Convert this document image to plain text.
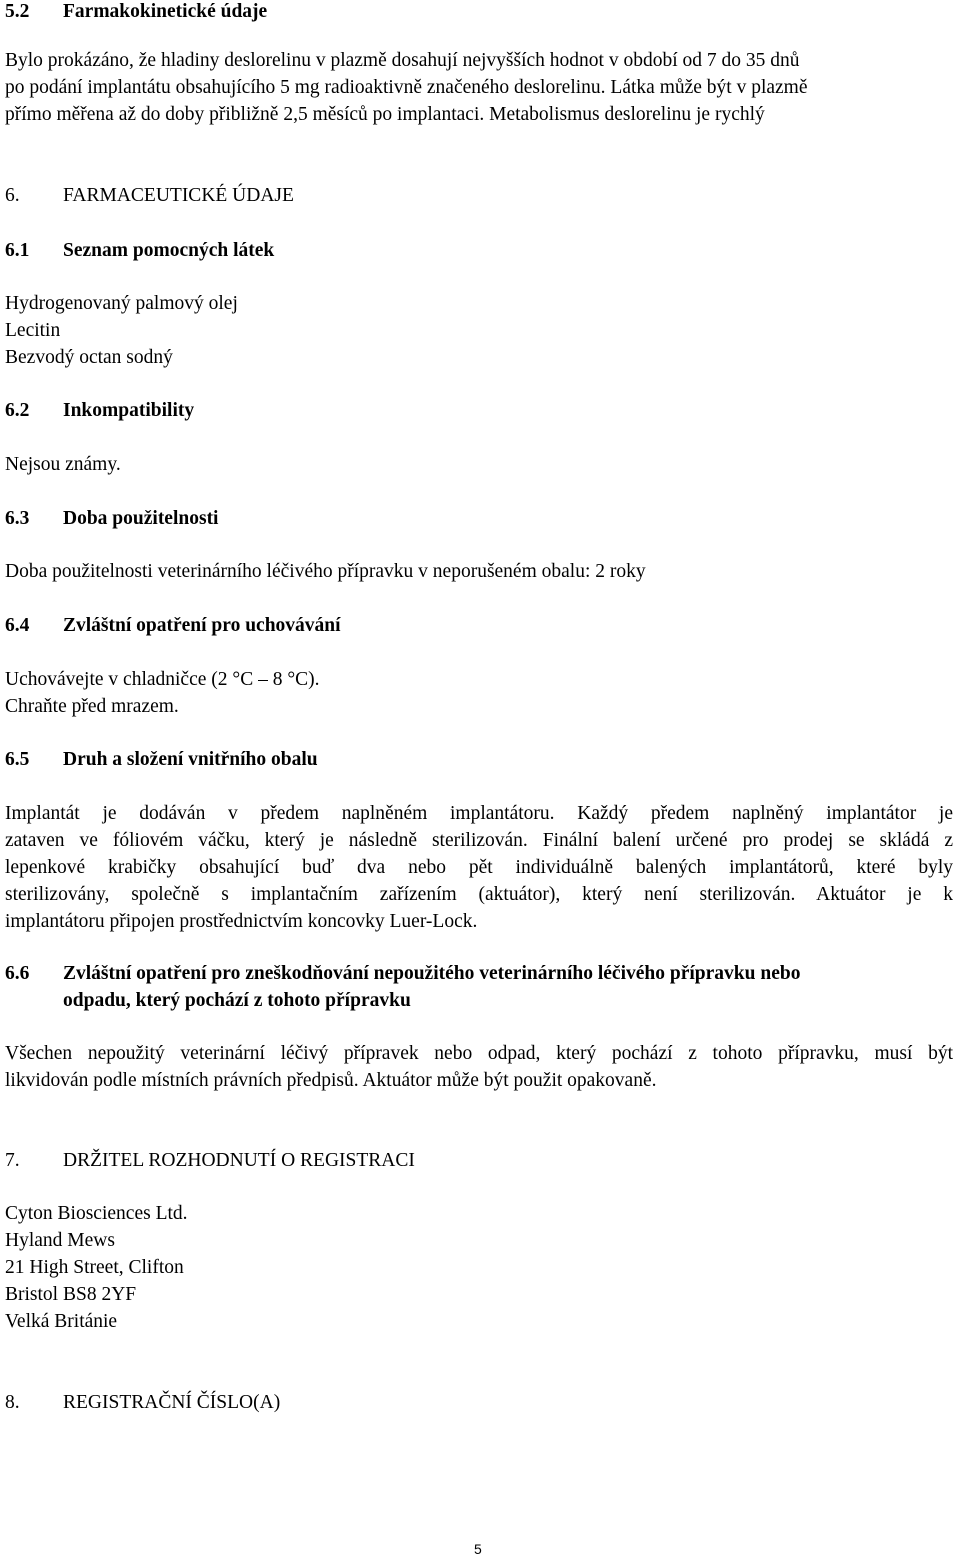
5.2 Farmakokinetické údaje
Bylo prokázáno, že hladiny deslorelinu v plazmě dosahují nejvyšších hodnot v období od 7 do 35 dnů
po podání implantátu obsahujícího 5 mg radioaktivně značeného deslorelinu. Látka může být v plazmě
přímo měřena až do doby přibližně 2,5 měsíců po implantaci. Metabolismus deslorelinu je rychlý
6. FARMACEUTICKÉ ÚDAJE
6.1 Seznam pomocných látek
Hydrogenovaný palmový olej
Lecitin
Bezvodý octan sodný
6.2 Inkompatibility
Nejsou známy.
6.3 Doba použitelnosti
Doba použitelnosti veterinárního léčivého přípravku v neporušeném obalu: 2 roky
6.4 Zvláštní opatření pro uchovávání
Uchovávejte v chladničce (2 °C – 8 °C).
Chraňte před mrazem.
6.5 Druh a složení vnitřního obalu
Implantát je dodáván v předem naplněném implantátoru. Každý předem naplněný implantátor je
zataven ve fóliovém váčku, který je následně sterilizován. Finální balení určené pro prodej se skládá z
lepenkové krabičky obsahující buď dva nebo pět individuálně balených implantátorů, které byly
sterilizovány, společně s implantačním zařízením (aktuátor), který není sterilizován. Aktuátor je k
implantátoru připojen prostřednictvím koncovky Luer-Lock.
6.6 Zvláštní opatření pro zneškodňování nepoužitého veterinárního léčivého přípravku nebo
odpadu, který pochází z tohoto přípravku
Všechen nepoužitý veterinární léčivý přípravek nebo odpad, který pochází z tohoto přípravku, musí být
likvidován podle místních právních předpisů. Aktuátor může být použit opakovaně.
7. DRŽITEL ROZHODNUTÍ O REGISTRACI
Cyton Biosciences Ltd.
Hyland Mews
21 High Street, Clifton
Bristol BS8 2YF
Velká Británie
8. REGISTRAČNÍ ČÍSLO(A)
5
